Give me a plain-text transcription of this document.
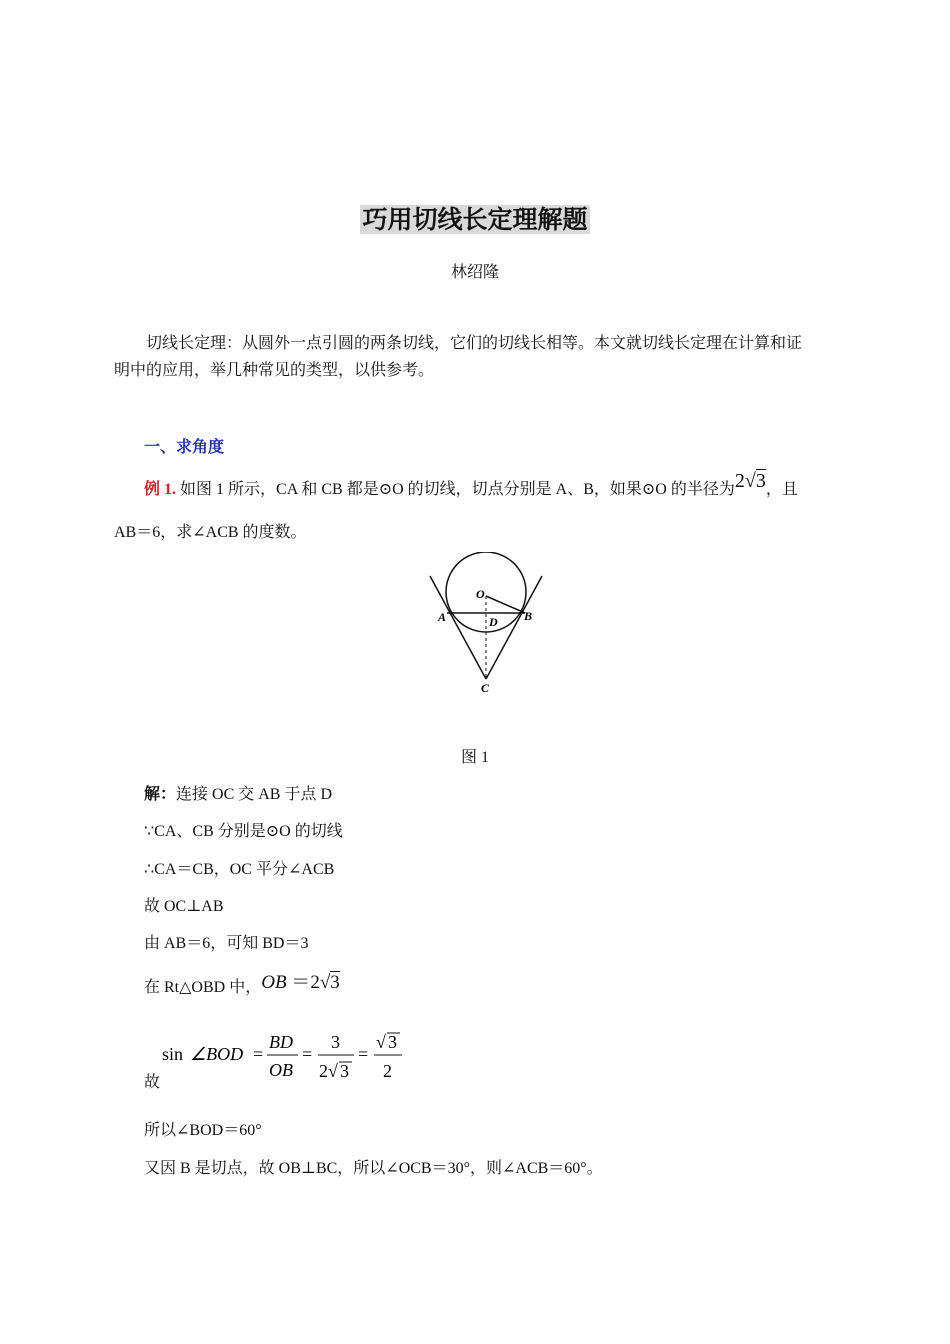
巧用切线长定理解题
林绍隆
切线长定理：从圆外一点引圆的两条切线，它们的切线长相等。本文就切线长定理在计算和证
明中的应用，举几种常见的类型，以供参考。
一、求角度
例 1. 如图 1 所示，CA 和 CB 都是⊙O 的切线，切点分别是 A、B，如果⊙O 的半径为2√3，且
AB＝6，求∠ACB 的度数。
O
A	B
D
C
图 1
解：连接 OC 交 AB 于点 D
∵CA、CB 分别是⊙O 的切线
∴CA＝CB，OC 平分∠ACB
故 OC⊥AB
由 AB＝6，可知 BD＝3
在 Rt△OBD 中，OB ＝2√3
故
sin ∠BOD =
BD
OB
=
3
2 √ 3
=
√ 3
2
所以∠BOD＝60°
又因 B 是切点，故 OB⊥BC，所以∠OCB＝30°，则∠ACB＝60°。
